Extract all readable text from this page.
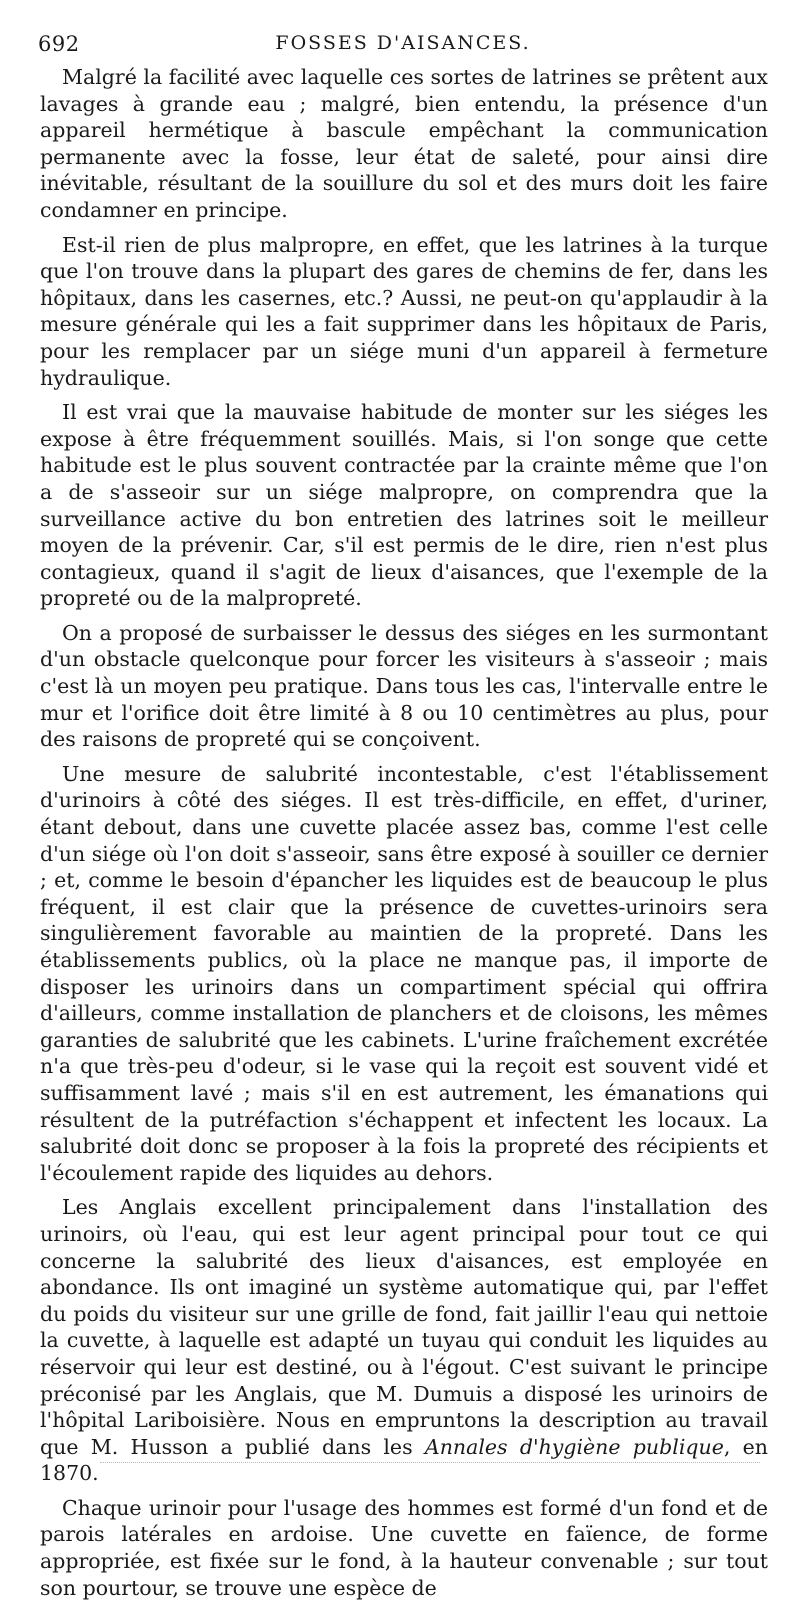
692	FOSSES D'AISANCES.

Malgré la facilité avec laquelle ces sortes de latrines se prêtent aux lavages à grande eau ; malgré, bien entendu, la présence d'un appareil hermétique à bascule empêchant la communication permanente avec la fosse, leur état de saleté, pour ainsi dire inévitable, résultant de la souillure du sol et des murs doit les faire condamner en principe.

Est-il rien de plus malpropre, en effet, que les latrines à la turque que l'on trouve dans la plupart des gares de chemins de fer, dans les hôpitaux, dans les casernes, etc.? Aussi, ne peut-on qu'applaudir à la mesure générale qui les a fait supprimer dans les hôpitaux de Paris, pour les remplacer par un siége muni d'un appareil à fermeture hydraulique.

Il est vrai que la mauvaise habitude de monter sur les siéges les expose à être fréquemment souillés. Mais, si l'on songe que cette habitude est le plus souvent contractée par la crainte même que l'on a de s'asseoir sur un siége malpropre, on comprendra que la surveillance active du bon entretien des latrines soit le meilleur moyen de la prévenir. Car, s'il est permis de le dire, rien n'est plus contagieux, quand il s'agit de lieux d'aisances, que l'exemple de la propreté ou de la malpropreté.

On a proposé de surbaisser le dessus des siéges en les surmontant d'un obstacle quelconque pour forcer les visiteurs à s'asseoir ; mais c'est là un moyen peu pratique. Dans tous les cas, l'intervalle entre le mur et l'orifice doit être limité à 8 ou 10 centimètres au plus, pour des raisons de propreté qui se conçoivent.

Une mesure de salubrité incontestable, c'est l'établissement d'urinoirs à côté des siéges. Il est très-difficile, en effet, d'uriner, étant debout, dans une cuvette placée assez bas, comme l'est celle d'un siége où l'on doit s'asseoir, sans être exposé à souiller ce dernier ; et, comme le besoin d'épancher les liquides est de beaucoup le plus fréquent, il est clair que la présence de cuvettes-urinoirs sera singulièrement favorable au maintien de la propreté. Dans les établissements publics, où la place ne manque pas, il importe de disposer les urinoirs dans un compartiment spécial qui offrira d'ailleurs, comme installation de planchers et de cloisons, les mêmes garanties de salubrité que les cabinets. L'urine fraîchement excrétée n'a que très-peu d'odeur, si le vase qui la reçoit est souvent vidé et suffisamment lavé ; mais s'il en est autrement, les émanations qui résultent de la putréfaction s'échappent et infectent les locaux. La salubrité doit donc se proposer à la fois la propreté des récipients et l'écoulement rapide des liquides au dehors.

Les Anglais excellent principalement dans l'installation des urinoirs, où l'eau, qui est leur agent principal pour tout ce qui concerne la salubrité des lieux d'aisances, est employée en abondance. Ils ont imaginé un système automatique qui, par l'effet du poids du visiteur sur une grille de fond, fait jaillir l'eau qui nettoie la cuvette, à laquelle est adapté un tuyau qui conduit les liquides au réservoir qui leur est destiné, ou à l'égout. C'est suivant le principe préconisé par les Anglais, que M. Dumuis a disposé les urinoirs de l'hôpital Lariboisière. Nous en empruntons la description au travail que M. Husson a publié dans les Annales d'hygiène publique, en 1870.

Chaque urinoir pour l'usage des hommes est formé d'un fond et de parois latérales en ardoise. Une cuvette en faïence, de forme appropriée, est fixée sur le fond, à la hauteur convenable ; sur tout son pourtour, se trouve une espèce de
